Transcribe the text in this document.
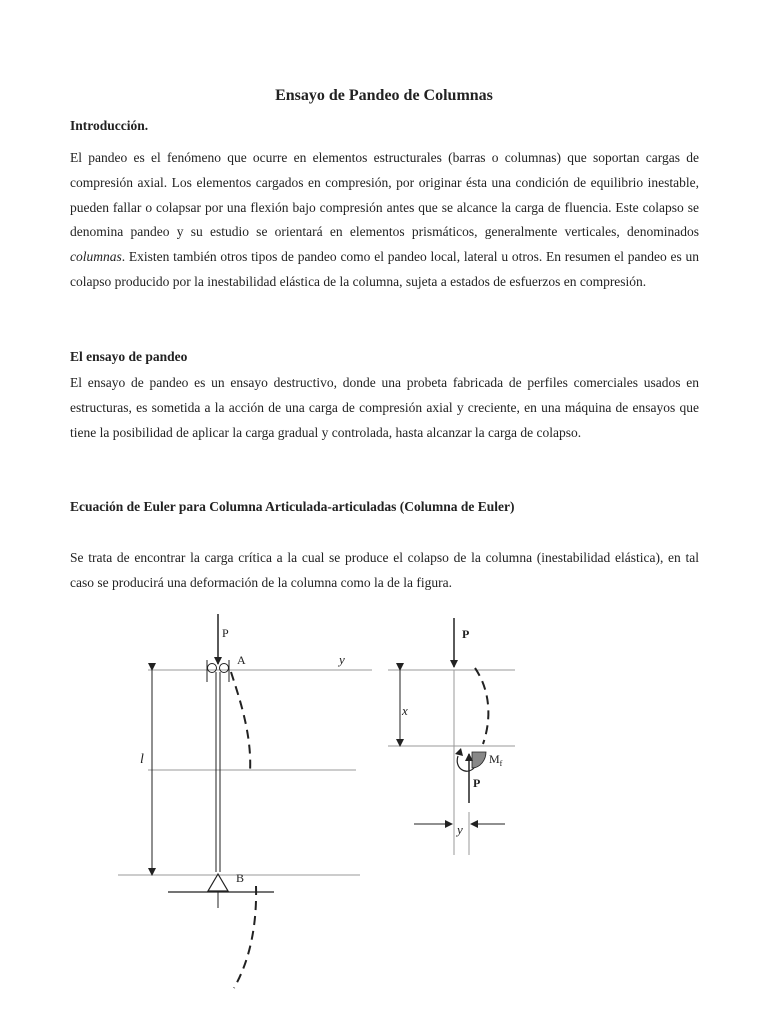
Ensayo de Pandeo de Columnas
Introducción.

El pandeo es el fenómeno que ocurre en elementos estructurales (barras o columnas) que soportan cargas de compresión axial. Los elementos cargados en compresión, por originar ésta una condición de equilibrio inestable, pueden fallar o colapsar por una flexión bajo compresión antes que se alcance la carga de fluencia. Este colapso se denomina pandeo y su estudio se orientará en elementos prismáticos, generalmente verticales, denominados columnas. Existen también otros tipos de pandeo como el pandeo local, lateral u otros. En resumen el pandeo es un colapso producido por la inestabilidad elástica de la columna, sujeta a estados de esfuerzos en compresión.

El ensayo de pandeo

El ensayo de pandeo es un ensayo destructivo, donde una probeta fabricada de perfiles comerciales usados en estructuras, es sometida a la acción de una carga de compresión axial y creciente, en una máquina de ensayos que tiene la posibilidad de aplicar la carga gradual y controlada, hasta alcanzar la carga de colapso.

Ecuación de Euler para Columna Articulada-articuladas (Columna de Euler)

Se trata de encontrar la carga crítica a la cual se produce el colapso de la columna (inestabilidad elástica), en tal caso se producirá una deformación de la columna como la de la figura.

P
A	y
l
B
P
x
$M_f$
P
y
